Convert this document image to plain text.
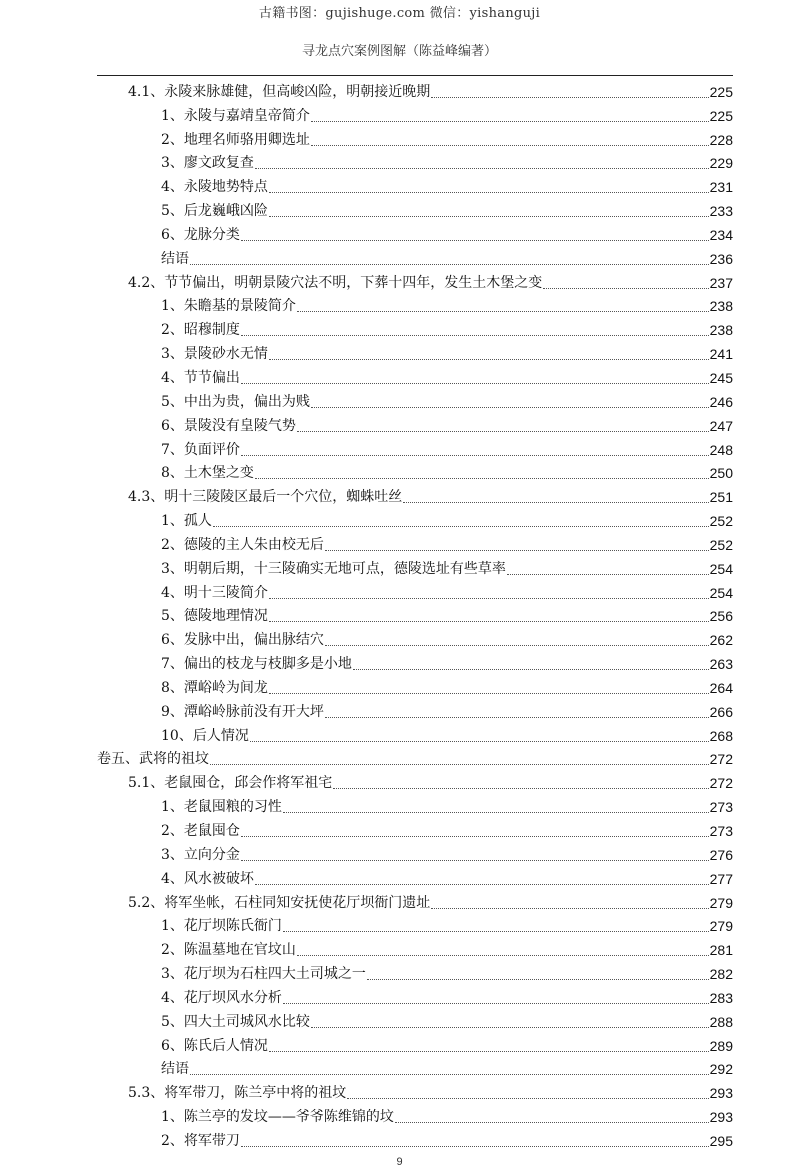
古籍书图：gujishuge.com 微信：yishanguji
寻龙点穴案例图解（陈益峰编著）
4.1、永陵来脉雄健，但高峻凶险，明朝接近晚期	225
1、永陵与嘉靖皇帝简介	225
2、地理名师骆用卿选址	228
3、廖文政复查	229
4、永陵地势特点	231
5、后龙巍峨凶险	233
6、龙脉分类	234
结语	236
4.2、节节偏出，明朝景陵穴法不明，下葬十四年，发生土木堡之变	237
1、朱瞻基的景陵简介	238
2、昭穆制度	238
3、景陵砂水无情	241
4、节节偏出	245
5、中出为贵，偏出为贱	246
6、景陵没有皇陵气势	247
7、负面评价	248
8、土木堡之变	250
4.3、明十三陵陵区最后一个穴位，蜘蛛吐丝	251
1、孤人	252
2、德陵的主人朱由校无后	252
3、明朝后期，十三陵确实无地可点，德陵选址有些草率	254
4、明十三陵简介	254
5、德陵地理情况	256
6、发脉中出，偏出脉结穴	262
7、偏出的枝龙与枝脚多是小地	263
8、潭峪岭为间龙	264
9、潭峪岭脉前没有开大坪	266
10、后人情况	268
卷五、武将的祖坟	272
5.1、老鼠囤仓，邱会作将军祖宅	272
1、老鼠囤粮的习性	273
2、老鼠囤仓	273
3、立向分金	276
4、风水被破坏	277
5.2、将军坐帐，石柱同知安抚使花厅坝衙门遗址	279
1、花厅坝陈氏衙门	279
2、陈温墓地在官坟山	281
3、花厅坝为石柱四大土司城之一	282
4、花厅坝风水分析	283
5、四大土司城风水比较	288
6、陈氏后人情况	289
结语	292
5.3、将军带刀，陈兰亭中将的祖坟	293
1、陈兰亭的发坟——爷爷陈维锦的坟	293
2、将军带刀	295
9
